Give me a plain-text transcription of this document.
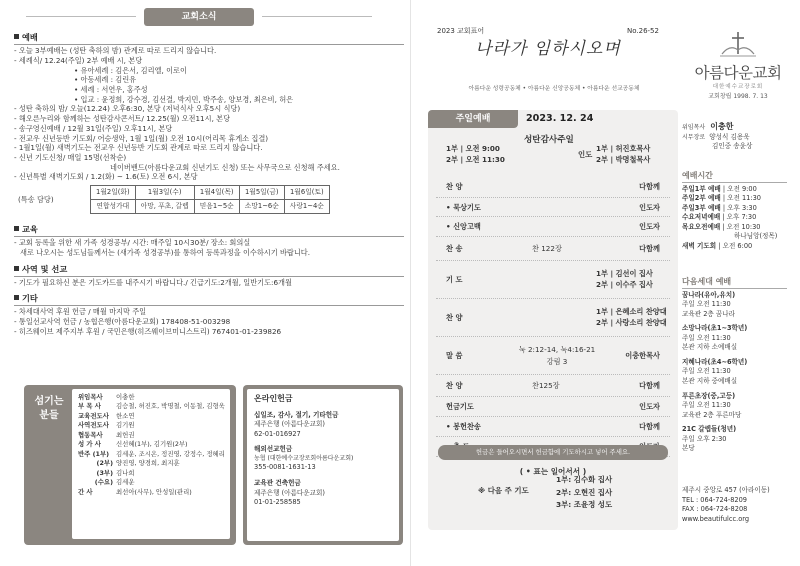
교회소식
예배
- 오늘 3부예배는 (성탄 축하의 밤) 관계로 따로 드리지 않습니다.
- 세례식/ 12.24(주일) 2부 예배 시, 본당
• 유아세례 : 김은서, 김리엘, 이로이
• 아동세례 : 김린유
• 세례 : 서연우, 홍주성
• 입교 : 윤정희, 강수경, 김선결, 박지민, 박주송, 양보경, 최은비, 허은
- 성탄 축하의 밤/ 오늘(12.24) 오후6:30, 본당 (저녁식사 오후5시 식당)
- 해오른누리와 함께하는 성탄감사콘서트/ 12.25(월) 오전11시, 본당
- 송구영신예배 / 12월 31일(주일) 오후11시, 본당
- 전교우 신년등반 기도회/ 어승생악, 1월 1일(월) 오전 10시(어리목 휴게소 집결)
- 1월1일(월) 새벽기도는 전교우 신년등반 기도회 관계로 따로 드리지 않습니다.
- 신년 기도신청/ 매일 15명(선착순)
네이버밴드(아름다운교회 신년기도 신청) 또는 사무국으로 신청해 주세요.
- 신년특별 새벽기도회 / 1.2(화) ~ 1.6(토) 오전 6시, 본당
(특송 담당)
1월2일(화)	1월3일(수)	1월4일(목)	1월5일(금)	1월6일(토)
연합성가대	아망, 푸초, 갈렙	믿음1~5순	소망1~6순	사랑1~4순
교육
- 교회 등록을 위한 새 가족 성경공부/ 시간: 매주일 10시30분/ 장소: 회의실
새로 나오시는 성도님들께서는 (새가족 성경공부)를 통하여 등록과정을 이수하시기 바랍니다.
사역 및 선교
- 기도가 필요하신 분은 기도카드를 내주시기 바랍니다./ 긴급기도:2개월, 일반기도:6개월
기타
- 차세대사역 후원 헌금 / 매월 마지막 주일
- 통일선교사역 헌금 / 농협은행(아름다운교회) 178408-51-003298
- 히즈웨이브 제주지부 후원 / 국민은행(히즈웨이브미니스트리) 767401-01-239826
섬기는
분들
위임목사 이충한
부 목 사 김승철, 허진호, 박명철, 이동철, 김형욱
교육전도사 한소연
사역전도사 김기원
협동목사 최헌권
성 가 사 신선혜(1부), 김기원(2부)
반주 (1부) 김세운, 조시온, 정진영, 강정수, 정혜리
(2부) 양진영, 양경희, 최지훈
(3부) 김나희
(수요) 김세운
간 사	최선아(사무), 안성일(관리)
온라인헌금
십일조, 감사, 절기, 기타헌금
제주은행 (아름다운교회)
62-01-016927
해외선교헌금
농협 (대한예수교장로회아름다운교회)
355-0081-1631-13
교육관 건축헌금
제주은행 (아름다운교회)
01-01-258585
2023 교회표어	No.26-52
나라가 임하시오며
아름다운 성령공동체 • 아름다운 신앙공동체 • 아름다운 선교공동체
주일예배	2023. 12. 24
1부 | 오전 9:00
2부 | 오전 11:30
성탄감사주일
인도
1부 | 허진호목사
2부 | 박명철목사
찬 양	다함께
• 묵상기도	인도자
• 신앙고백	인도자
찬 송	찬 122장	다함께
기 도
1부 | 김선이 집사
2부 | 이수주 집사
찬 양
1부 | 은혜소리 찬양대
2부 | 사랑소리 찬양대
말 씀
눅 2:12-14, 눅4:16-21
강림 3
이충한목사
찬 양	찬125장	다함께
헌금기도	인도자
• 봉헌찬송	다함께
( • 표는 일어서서 )
헌금은 들어오시면서 헌금함에 기도하시고 넣어 주세요.
※ 다음 주 기도
1부: 김수화 집사
2부: 오현진 집사
3부: 조윤정 성도
아름다운교회
대한예수교장로회
교회창립 1998. 7. 13
위임목사 이충한
시무장로 양성식 김용욱
김인중 송윤상
예배시간
주일1부 예배 | 오전 9:00
주일2부 예배 | 오전 11:30
주일3부 예배 | 오후 3:30
수요저녁예배 | 오후 7:30
목요오전예배 | 오전 10:30
하나님앙(정목)
새벽 기도회 | 오전 6:00
다음세대 예배
꿈나라(유아,유치)
주일 오전 11:30
교육관 2층 꿈나라
소망나라(초1~3학년)
주일 오전 11:30
본관 지하 소예배실
지혜나라(초4~6학년)
주일 오전 11:30
본관 지하 중예배실
푸른초장(중,고등)
주일 오전 11:30
교육관 2층 푸른마당
21C 갈렙들(청년)
주일 오후 2:30
본당
제주시 중앙로 457 (아라이동)
TEL : 064-724-8209
FAX : 064-724-8208
www.beautifulcc.org
